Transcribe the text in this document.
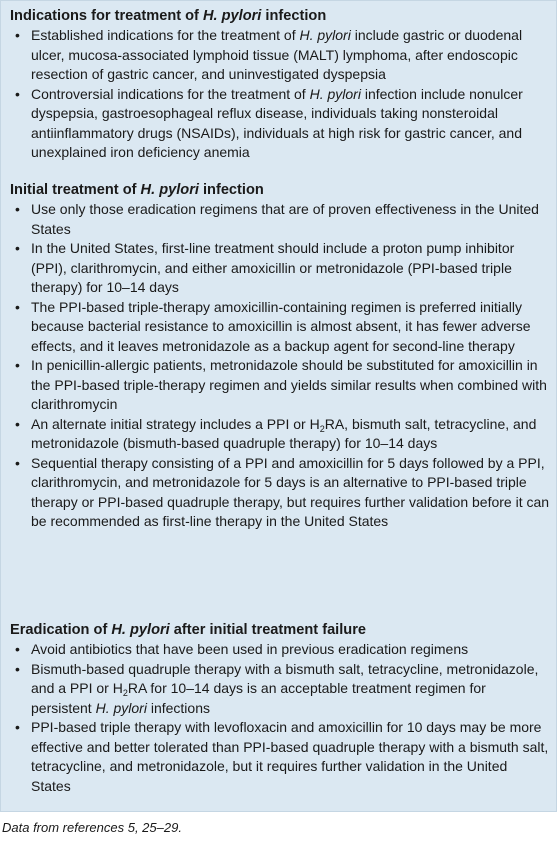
Indications for treatment of H. pylori infection
• Established indications for the treatment of H. pylori include gastric or duodenal ulcer, mucosa-associated lymphoid tissue (MALT) lymphoma, after endoscopic resection of gastric cancer, and uninvestigated dyspepsia
• Controversial indications for the treatment of H. pylori infection include nonulcer dyspepsia, gastroesophageal reflux disease, individuals taking nonsteroidal antiinflammatory drugs (NSAIDs), individuals at high risk for gastric cancer, and unexplained iron deficiency anemia
Initial treatment of H. pylori infection
• Use only those eradication regimens that are of proven effectiveness in the United States
• In the United States, first-line treatment should include a proton pump inhibitor (PPI), clarithromycin, and either amoxicillin or metronidazole (PPI-based triple therapy) for 10–14 days
• The PPI-based triple-therapy amoxicillin-containing regimen is preferred initially because bacterial resistance to amoxicillin is almost absent, it has fewer adverse effects, and it leaves metronidazole as a backup agent for second-line therapy
• In penicillin-allergic patients, metronidazole should be substituted for amoxicillin in the PPI-based triple-therapy regimen and yields similar results when combined with clarithromycin
• An alternate initial strategy includes a PPI or $H_2RA$, bismuth salt, tetracycline, and metronidazole (bismuth-based quadruple therapy) for 10–14 days
• Sequential therapy consisting of a PPI and amoxicillin for 5 days followed by a PPI, clarithromycin, and metronidazole for 5 days is an alternative to PPI-based triple therapy or PPI-based quadruple therapy, but requires further validation before it can be recommended as first-line therapy in the United States
Eradication of H. pylori after initial treatment failure
• Avoid antibiotics that have been used in previous eradication regimens
• Bismuth-based quadruple therapy with a bismuth salt, tetracycline, metronidazole, and a PPI or $H_2RA$ for 10–14 days is an acceptable treatment regimen for persistent H. pylori infections
• PPI-based triple therapy with levofloxacin and amoxicillin for 10 days may be more effective and better tolerated than PPI-based quadruple therapy with a bismuth salt, tetracycline, and metronidazole, but it requires further validation in the United States
Data from references 5, 25–29.
